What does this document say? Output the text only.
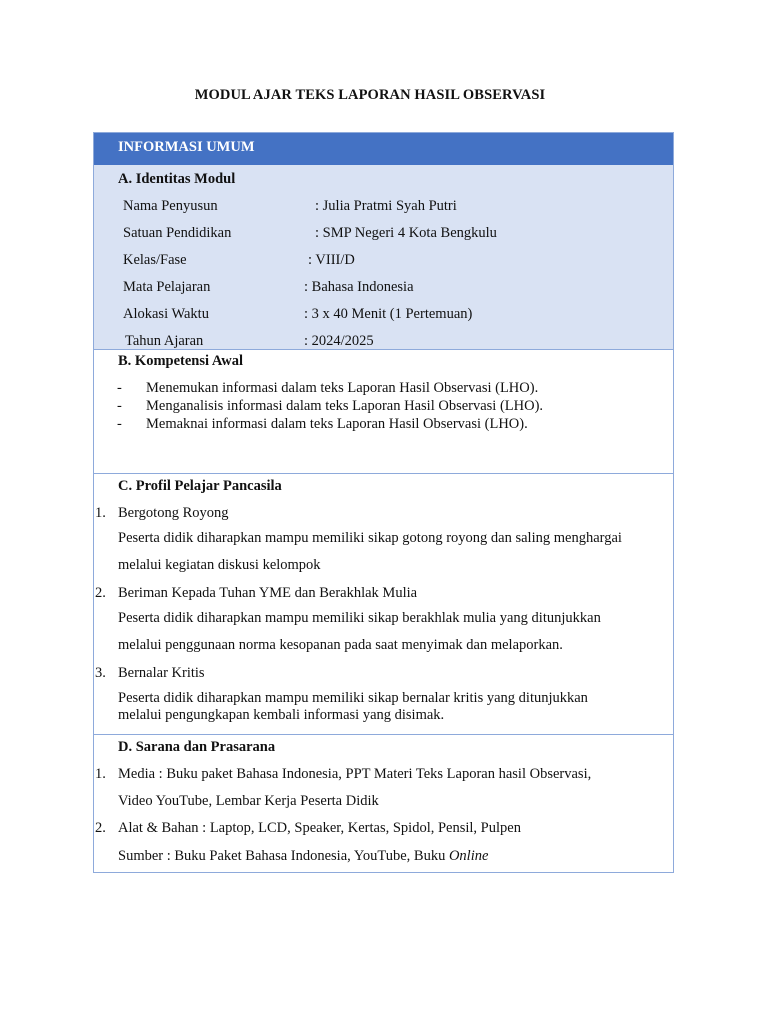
MODUL AJAR TEKS LAPORAN HASIL OBSERVASI
INFORMASI UMUM
A. Identitas Modul
Nama Penyusun	: Julia Pratmi Syah Putri
Satuan Pendidikan	: SMP Negeri 4 Kota Bengkulu
Kelas/Fase	: VIII/D
Mata Pelajaran	: Bahasa Indonesia
Alokasi Waktu	: 3 x 40 Menit (1 Pertemuan)
Tahun Ajaran	: 2024/2025
B. Kompetensi Awal
- Menemukan informasi dalam teks Laporan Hasil Observasi (LHO).
- Menganalisis informasi dalam teks Laporan Hasil Observasi (LHO).
- Memaknai informasi dalam teks Laporan Hasil Observasi (LHO).
C. Profil Pelajar Pancasila
1. Bergotong Royong
Peserta didik diharapkan mampu memiliki sikap gotong royong dan saling menghargai
melalui kegiatan diskusi kelompok
2. Beriman Kepada Tuhan YME dan Berakhlak Mulia
Peserta didik diharapkan mampu memiliki sikap berakhlak mulia yang ditunjukkan
melalui penggunaan norma kesopanan pada saat menyimak dan melaporkan.
3. Bernalar Kritis
Peserta didik diharapkan mampu memiliki sikap bernalar kritis yang ditunjukkan
melalui pengungkapan kembali informasi yang disimak.
D. Sarana dan Prasarana
1. Media : Buku paket Bahasa Indonesia, PPT Materi Teks Laporan hasil Observasi,
Video YouTube, Lembar Kerja Peserta Didik
2. Alat & Bahan : Laptop, LCD, Speaker, Kertas, Spidol, Pensil, Pulpen
Sumber : Buku Paket Bahasa Indonesia, YouTube, Buku Online
